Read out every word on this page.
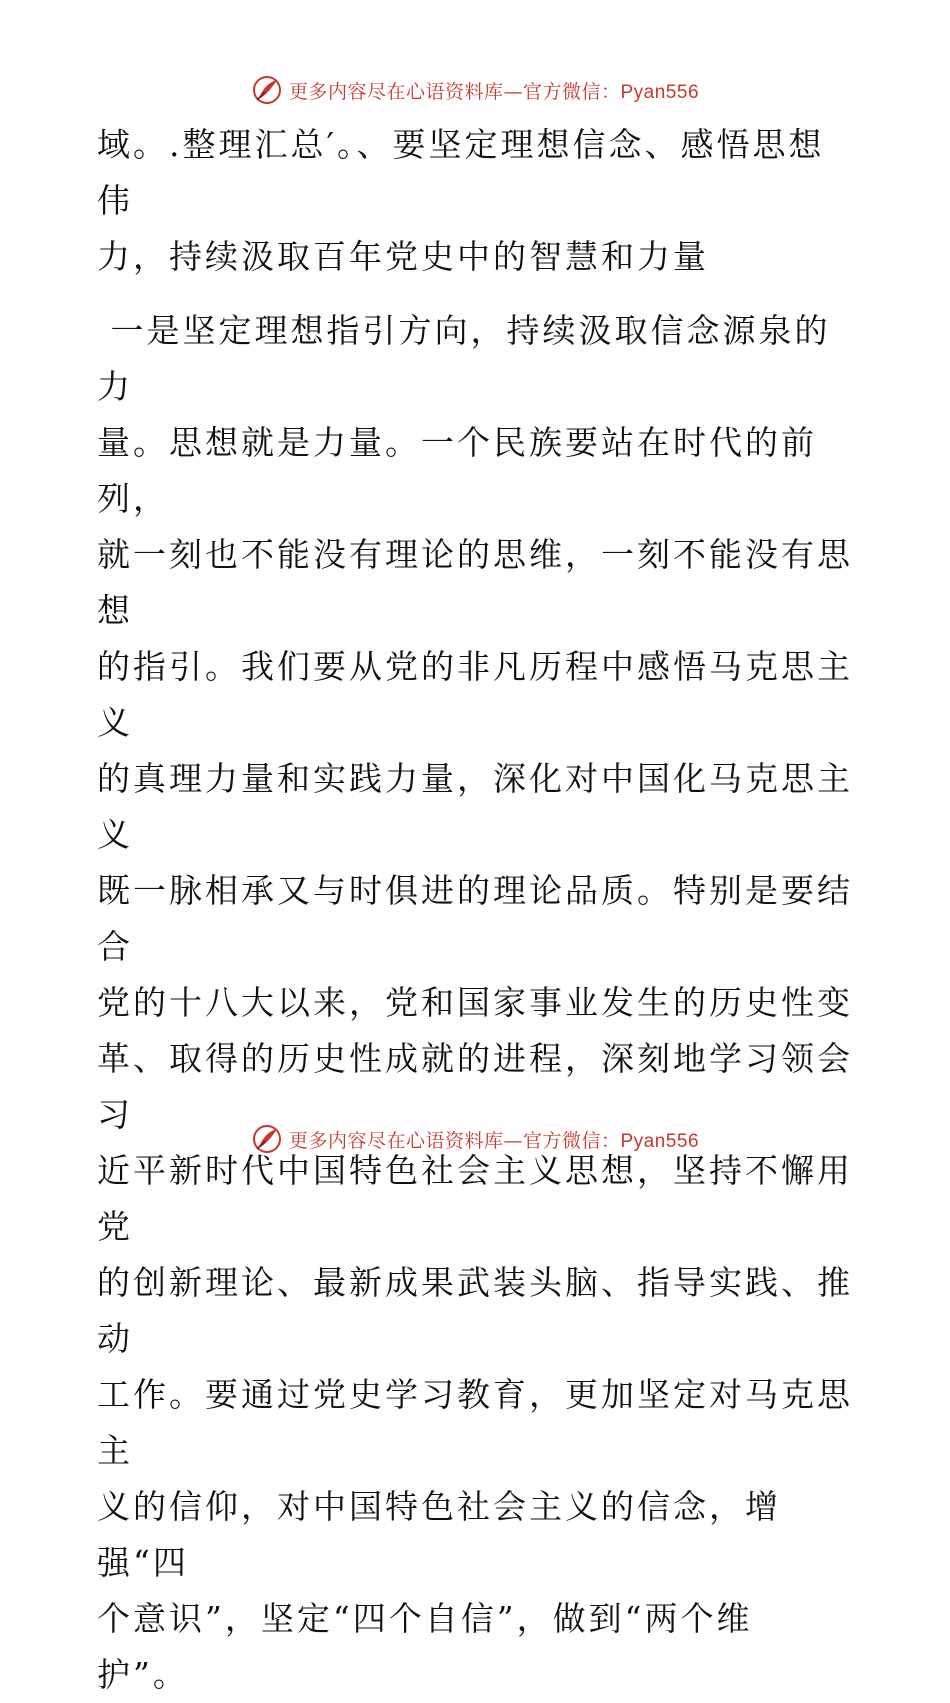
更多内容尽在心语资料库—官方微信：Pyan556

域。.整理汇总′。、要坚定理想信念、感悟思想伟
力，持续汲取百年党史中的智慧和力量

一是坚定理想指引方向，持续汲取信念源泉的力
量。思想就是力量。一个民族要站在时代的前列，
就一刻也不能没有理论的思维，一刻不能没有思想
的指引。我们要从党的非凡历程中感悟马克思主义
的真理力量和实践力量，深化对中国化马克思主义
既一脉相承又与时俱进的理论品质。特别是要结合
党的十八大以来，党和国家事业发生的历史性变
革、取得的历史性成就的进程，深刻地学习领会习
近平新时代中国特色社会主义思想，坚持不懈用党
的创新理论、最新成果武装头脑、指导实践、推动
工作。要通过党史学习教育，更加坚定对马克思主
义的信仰，对中国特色社会主义的信念，增强“四
个意识”，坚定“四个自信”，做到“两个维
护”。

更多内容尽在心语资料库—官方微信：Pyan556
